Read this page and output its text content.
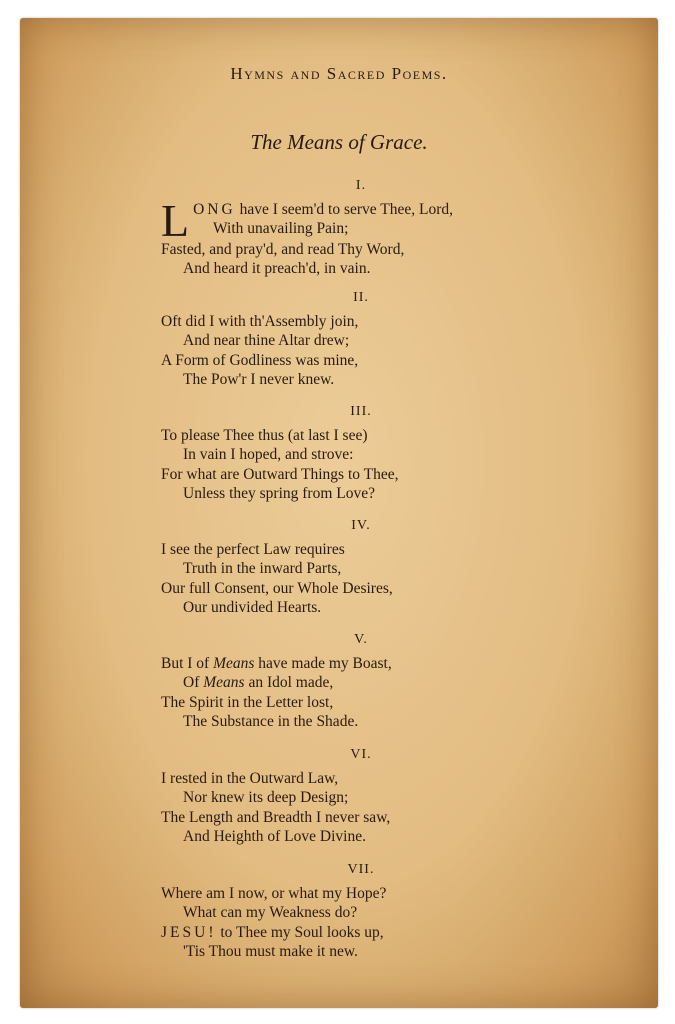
Hymns and Sacred Poems.
The Means of Grace.
I.
LONG have I seem'd to serve Thee, Lord,
With unavailing Pain;
Fasted, and pray'd, and read Thy Word,
And heard it preach'd, in vain.
II.
Oft did I with th'Assembly join,
And near thine Altar drew;
A Form of Godliness was mine,
The Pow'r I never knew.
III.
To please Thee thus (at last I see)
In vain I hoped, and strove:
For what are Outward Things to Thee,
Unless they spring from Love?
IV.
I see the perfect Law requires
Truth in the inward Parts,
Our full Consent, our Whole Desires,
Our undivided Hearts.
V.
But I of Means have made my Boast,
Of Means an Idol made,
The Spirit in the Letter lost,
The Substance in the Shade.
VI.
I rested in the Outward Law,
Nor knew its deep Design;
The Length and Breadth I never saw,
And Heighth of Love Divine.
VII.
Where am I now, or what my Hope?
What can my Weakness do?
JESU! to Thee my Soul looks up,
'Tis Thou must make it new.
